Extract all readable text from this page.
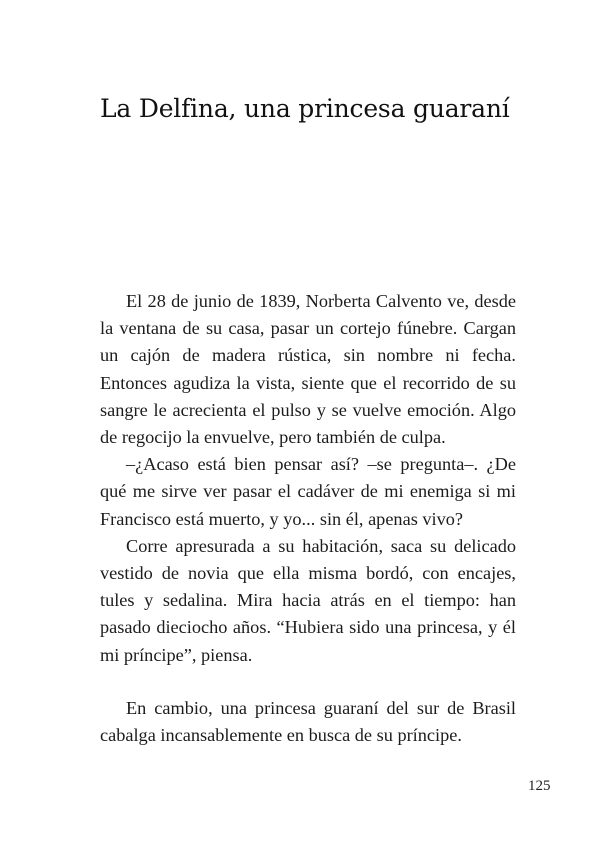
La Delfina, una princesa guaraní

El 28 de junio de 1839, Norberta Calvento ve, desde la ventana de su casa, pasar un cortejo fúnebre. Cargan un cajón de madera rústica, sin nombre ni fecha. Entonces agudiza la vista, siente que el recorrido de su sangre le acrecienta el pulso y se vuelve emoción. Algo de regocijo la envuelve, pero también de culpa.

–¿Acaso está bien pensar así? –se pregunta–. ¿De qué me sirve ver pasar el cadáver de mi enemiga si mi Francisco está muerto, y yo... sin él, apenas vivo?

Corre apresurada a su habitación, saca su delicado vestido de novia que ella misma bordó, con encajes, tules y sedalina. Mira hacia atrás en el tiempo: han pasado dieciocho años. “Hubiera sido una princesa, y él mi príncipe”, piensa.

En cambio, una princesa guaraní del sur de Brasil cabalga incansablemente en busca de su príncipe.

125
